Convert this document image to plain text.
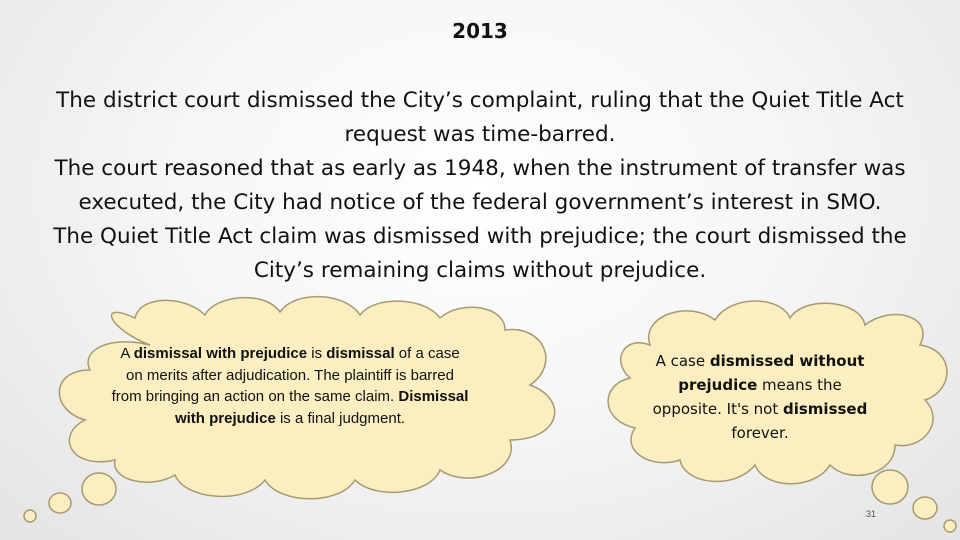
2013

The district court dismissed the City’s complaint, ruling that the Quiet Title Act request was time-barred.

The court reasoned that as early as 1948, when the instrument of transfer was executed, the City had notice of the federal government’s interest in SMO.

The Quiet Title Act claim was dismissed with prejudice; the court dismissed the City’s remaining claims without prejudice.

A dismissal with prejudice is dismissal of a case on merits after adjudication. The plaintiff is barred from bringing an action on the same claim. Dismissal with prejudice is a final judgment.
A case dismissed without prejudice means the opposite. It's not dismissed forever.
31
